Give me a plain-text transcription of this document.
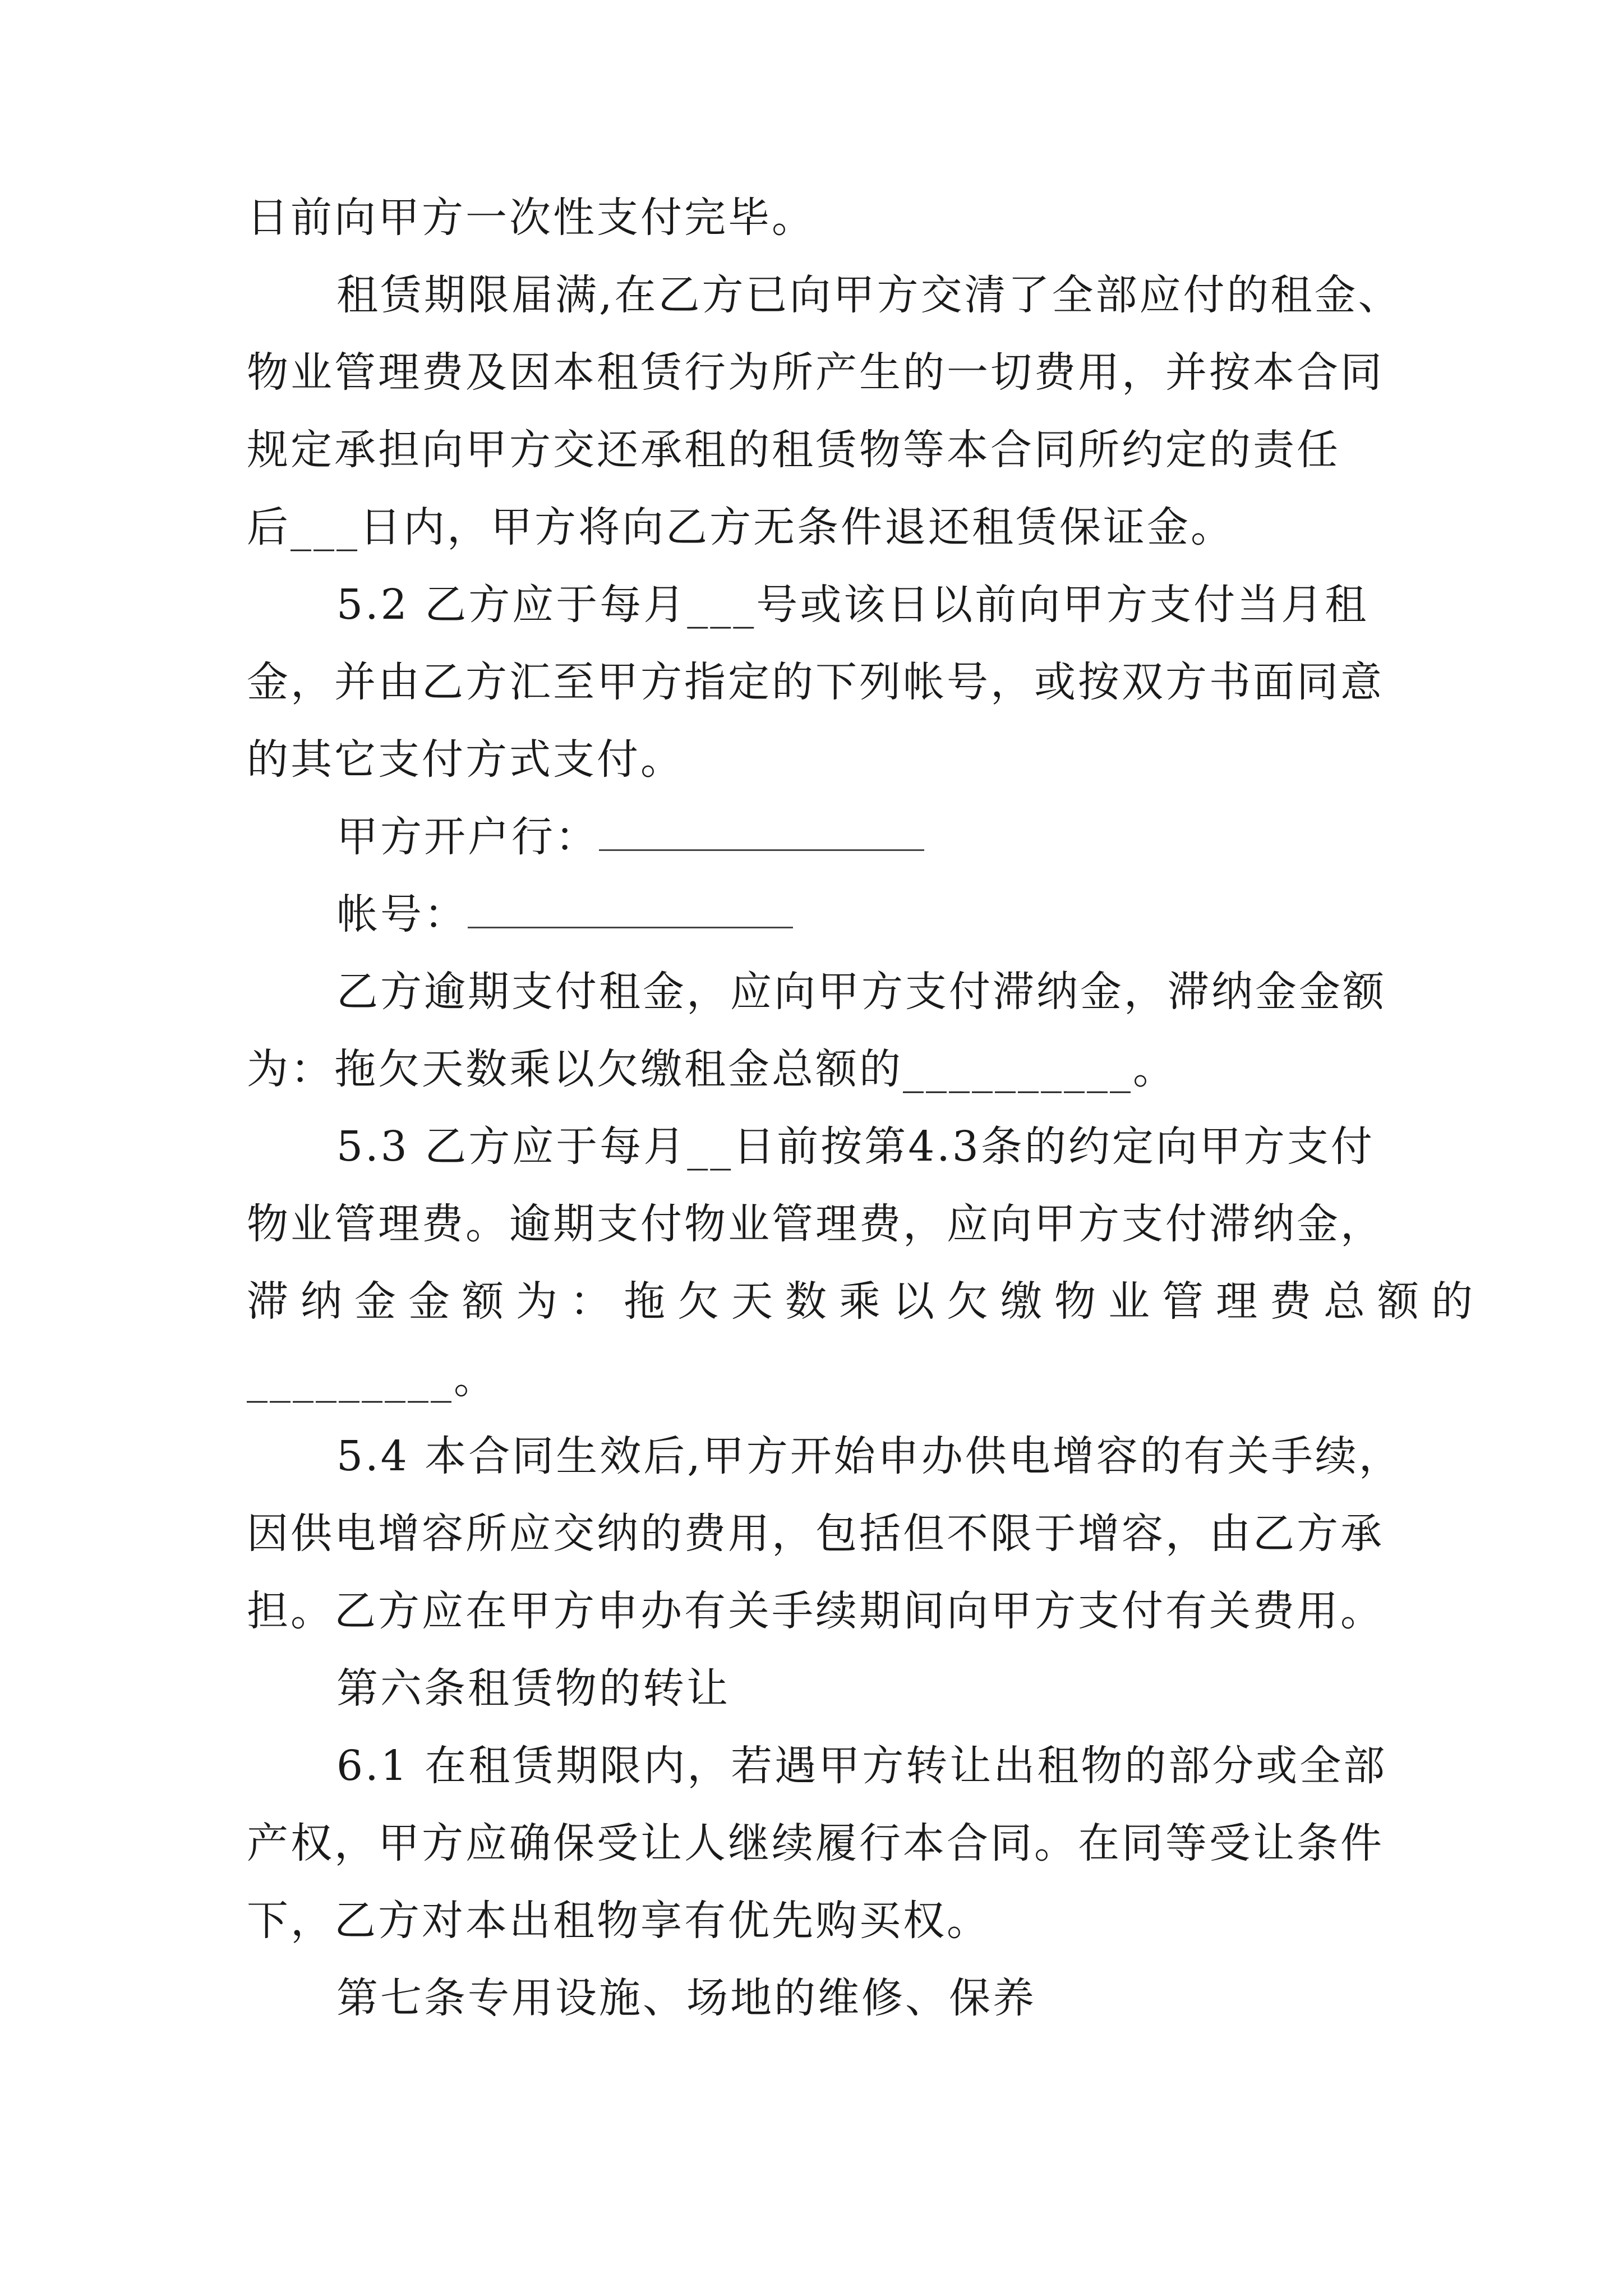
日前向甲方一次性支付完毕。
租赁期限届满,在乙方已向甲方交清了全部应付的租金、
物业管理费及因本租赁行为所产生的一切费用，并按本合同
规定承担向甲方交还承租的租赁物等本合同所约定的责任
后___日内，甲方将向乙方无条件退还租赁保证金。
5.2 乙方应于每月___号或该日以前向甲方支付当月租
金，并由乙方汇至甲方指定的下列帐号，或按双方书面同意
的其它支付方式支付。
甲方开户行：
帐号：
乙方逾期支付租金，应向甲方支付滞纳金，滞纳金金额
为：拖欠天数乘以欠缴租金总额的__________。
5.3 乙方应于每月__日前按第4.3条的约定向甲方支付
物业管理费。逾期支付物业管理费，应向甲方支付滞纳金，
滞纳金金额为：拖欠天数乘以欠缴物业管理费总额的
_________。
5.4 本合同生效后,甲方开始申办供电增容的有关手续，
因供电增容所应交纳的费用，包括但不限于增容，由乙方承
担。乙方应在甲方申办有关手续期间向甲方支付有关费用。
第六条租赁物的转让
6.1 在租赁期限内，若遇甲方转让出租物的部分或全部
产权，甲方应确保受让人继续履行本合同。在同等受让条件
下，乙方对本出租物享有优先购买权。
第七条专用设施、场地的维修、保养
